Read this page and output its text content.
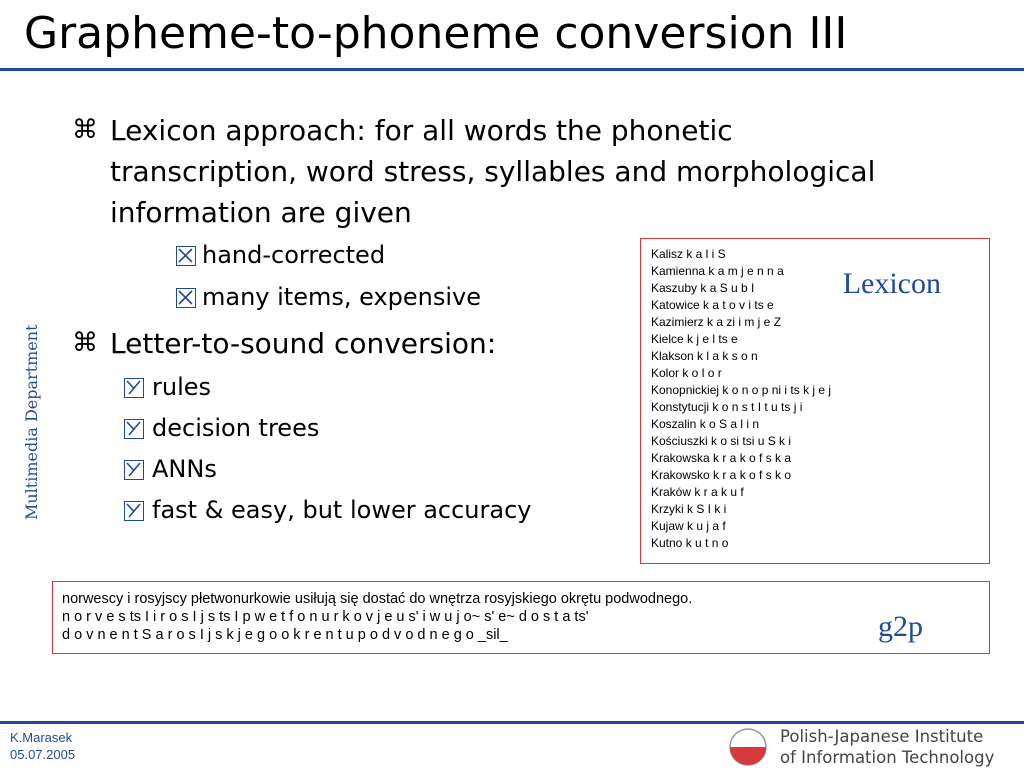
Grapheme-to-phoneme conversion III
Multimedia Department
⌘ Lexicon approach: for all words the phonetic transcription, word stress, syllables and morphological information are given
hand-corrected
many items, expensive
⌘ Letter-to-sound conversion:
rules
decision trees
ANNs
fast & easy, but lower accuracy
Kalisz k a l i S
Kamienna k a m j e n n a
Kaszuby k a S u b I
Katowice k a t o v i ts e
Kazimierz k a zi i m j e Z
Kielce k j e l ts e
Klakson k l a k s o n
Kolor k o l o r
Konopnickiej k o n o p ni i ts k j e j
Konstytucji k o n s t I t u ts j i
Koszalin k o S a l i n
Kościuszki k o si tsi u S k i
Krakowska k r a k o f s k a
Krakowsko k r a k o f s k o
Kraków k r a k u f
Krzyki k S I k i
Kujaw k u j a f
Kutno k u t n o
Lexicon
norwescy i rosyjscy płetwonurkowie usiłują się dostać do wnętrza rosyjskiego okrętu podwodnego.
n o r v e s ts I i r o s I j s ts I p w e t f o n u r k o v j e u s' i w u j o~ s' e~ d o s t a ts'
d o v n e n t S a r o s I j s k j e g o o k r e n t u p o d v o d n e g o _sil_	g2p
K.Marasek
05.07.2005
Polish-Japanese Institute
of Information Technology
